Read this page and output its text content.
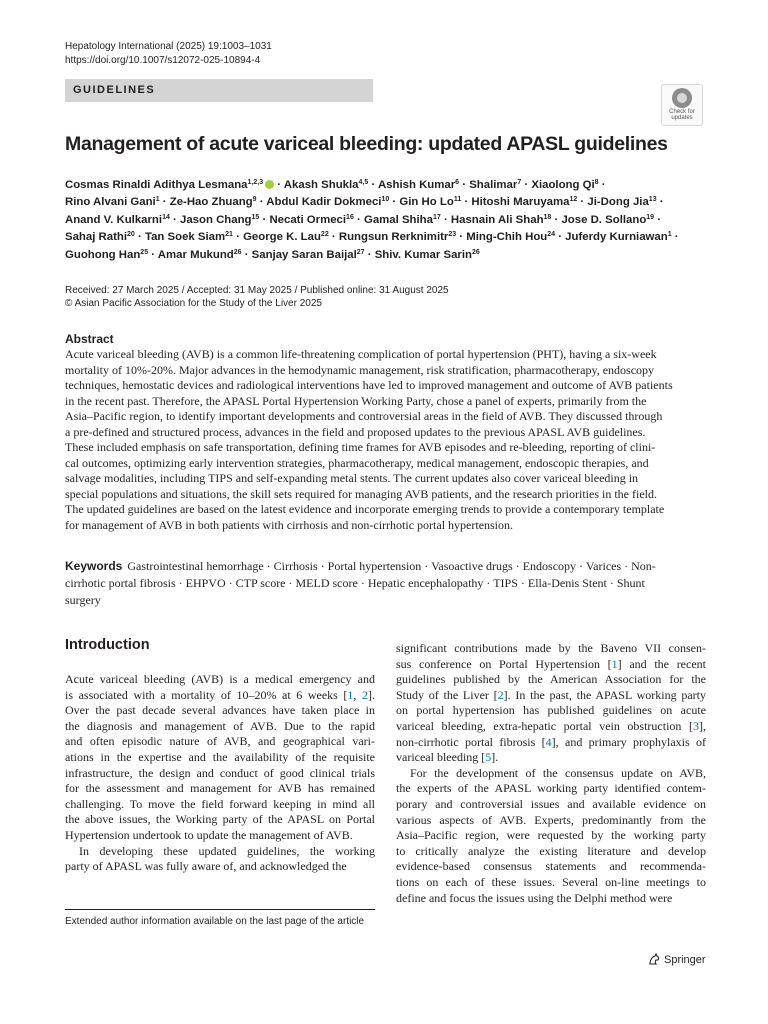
Hepatology International (2025) 19:1003–1031
https://doi.org/10.1007/s12072-025-10894-4
GUIDELINES
Check for
updates
Management of acute variceal bleeding: updated APASL guidelines
Cosmas Rinaldi Adithya Lesmana$^{1,2,3}$ · Akash Shukla$^{4,5}$ · Ashish Kumar$^6$ · Shalimar$^7$ · Xiaolong $Qi^8$ ·
Rino Alvani Gani$^1$ · Ze-Hao Zhuang$^9$ · Abdul Kadir Dokmeci$^{10}$ · Gin Ho $Lo^{11}$ · Hitoshi Maruyama$^{12}$ · Ji-Dong Jia$^{13}$ ·
Anand V. Kulkarni$^{14}$ · Jason Chang$^{15}$ · Necati Ormeci$^{16}$ · Gamal Shiha$^{17}$ · Hasnain Ali Shah$^{18}$ · Jose D. Sollano$^{19}$ ·
Sahaj Rathi$^{20}$ · Tan Soek Siam$^{21}$ · George K. Lau$^{22}$ · Rungsun Rerknimitr$^{23}$ · Ming-Chih Hou$^{24}$ · Juferdy Kurniawan$^1$ ·
Guohong Han$^{25}$ · Amar Mukund$^{26}$ · Sanjay Saran Baijal$^{27}$ · Shiv. Kumar Sarin$^{26}$
Received: 27 March 2025 / Accepted: 31 May 2025 / Published online: 31 August 2025
© Asian Pacific Association for the Study of the Liver 2025
Abstract
Acute variceal bleeding (AVB) is a common life-threatening complication of portal hypertension (PHT), having a six-week
mortality of 10%-20%. Major advances in the hemodynamic management, risk stratification, pharmacotherapy, endoscopy
techniques, hemostatic devices and radiological interventions have led to improved management and outcome of AVB patients
in the recent past. Therefore, the APASL Portal Hypertension Working Party, chose a panel of experts, primarily from the
Asia–Pacific region, to identify important developments and controversial areas in the field of AVB. They discussed through
a pre-defined and structured process, advances in the field and proposed updates to the previous APASL AVB guidelines.
These included emphasis on safe transportation, defining time frames for AVB episodes and re-bleeding, reporting of clini-
cal outcomes, optimizing early intervention strategies, pharmacotherapy, medical management, endoscopic therapies, and
salvage modalities, including TIPS and self-expanding metal stents. The current updates also cover variceal bleeding in
special populations and situations, the skill sets required for managing AVB patients, and the research priorities in the field.
The updated guidelines are based on the latest evidence and incorporate emerging trends to provide a contemporary template
for management of AVB in both patients with cirrhosis and non-cirrhotic portal hypertension.
Keywords Gastrointestinal hemorrhage · Cirrhosis · Portal hypertension · Vasoactive drugs · Endoscopy · Varices · Non-
cirrhotic portal fibrosis · EHPVO · CTP score · MELD score · Hepatic encephalopathy · TIPS · Ella-Denis Stent · Shunt
surgery
Introduction
Acute variceal bleeding (AVB) is a medical emergency and
is associated with a mortality of 10–20% at 6 weeks [1, 2].
Over the past decade several advances have taken place in
the diagnosis and management of AVB. Due to the rapid
and often episodic nature of AVB, and geographical vari-
ations in the expertise and the availability of the requisite
infrastructure, the design and conduct of good clinical trials
for the assessment and management for AVB has remained
challenging. To move the field forward keeping in mind all
the above issues, the Working party of the APASL on Portal
Hypertension undertook to update the management of AVB.
In developing these updated guidelines, the working
party of APASL was fully aware of, and acknowledged the
significant contributions made by the Baveno VII consen-
sus conference on Portal Hypertension [1] and the recent
guidelines published by the American Association for the
Study of the Liver [2]. In the past, the APASL working party
on portal hypertension has published guidelines on acute
variceal bleeding, extra-hepatic portal vein obstruction [3],
non-cirrhotic portal fibrosis [4], and primary prophylaxis of
variceal bleeding [5].
For the development of the consensus update on AVB,
the experts of the APASL working party identified contem-
porary and controversial issues and available evidence on
various aspects of AVB. Experts, predominantly from the
Asia–Pacific region, were requested by the working party
to critically analyze the existing literature and develop
evidence-based consensus statements and recommenda-
tions on each of these issues. Several on-line meetings to
define and focus the issues using the Delphi method were
Extended author information available on the last page of the article
Springer
